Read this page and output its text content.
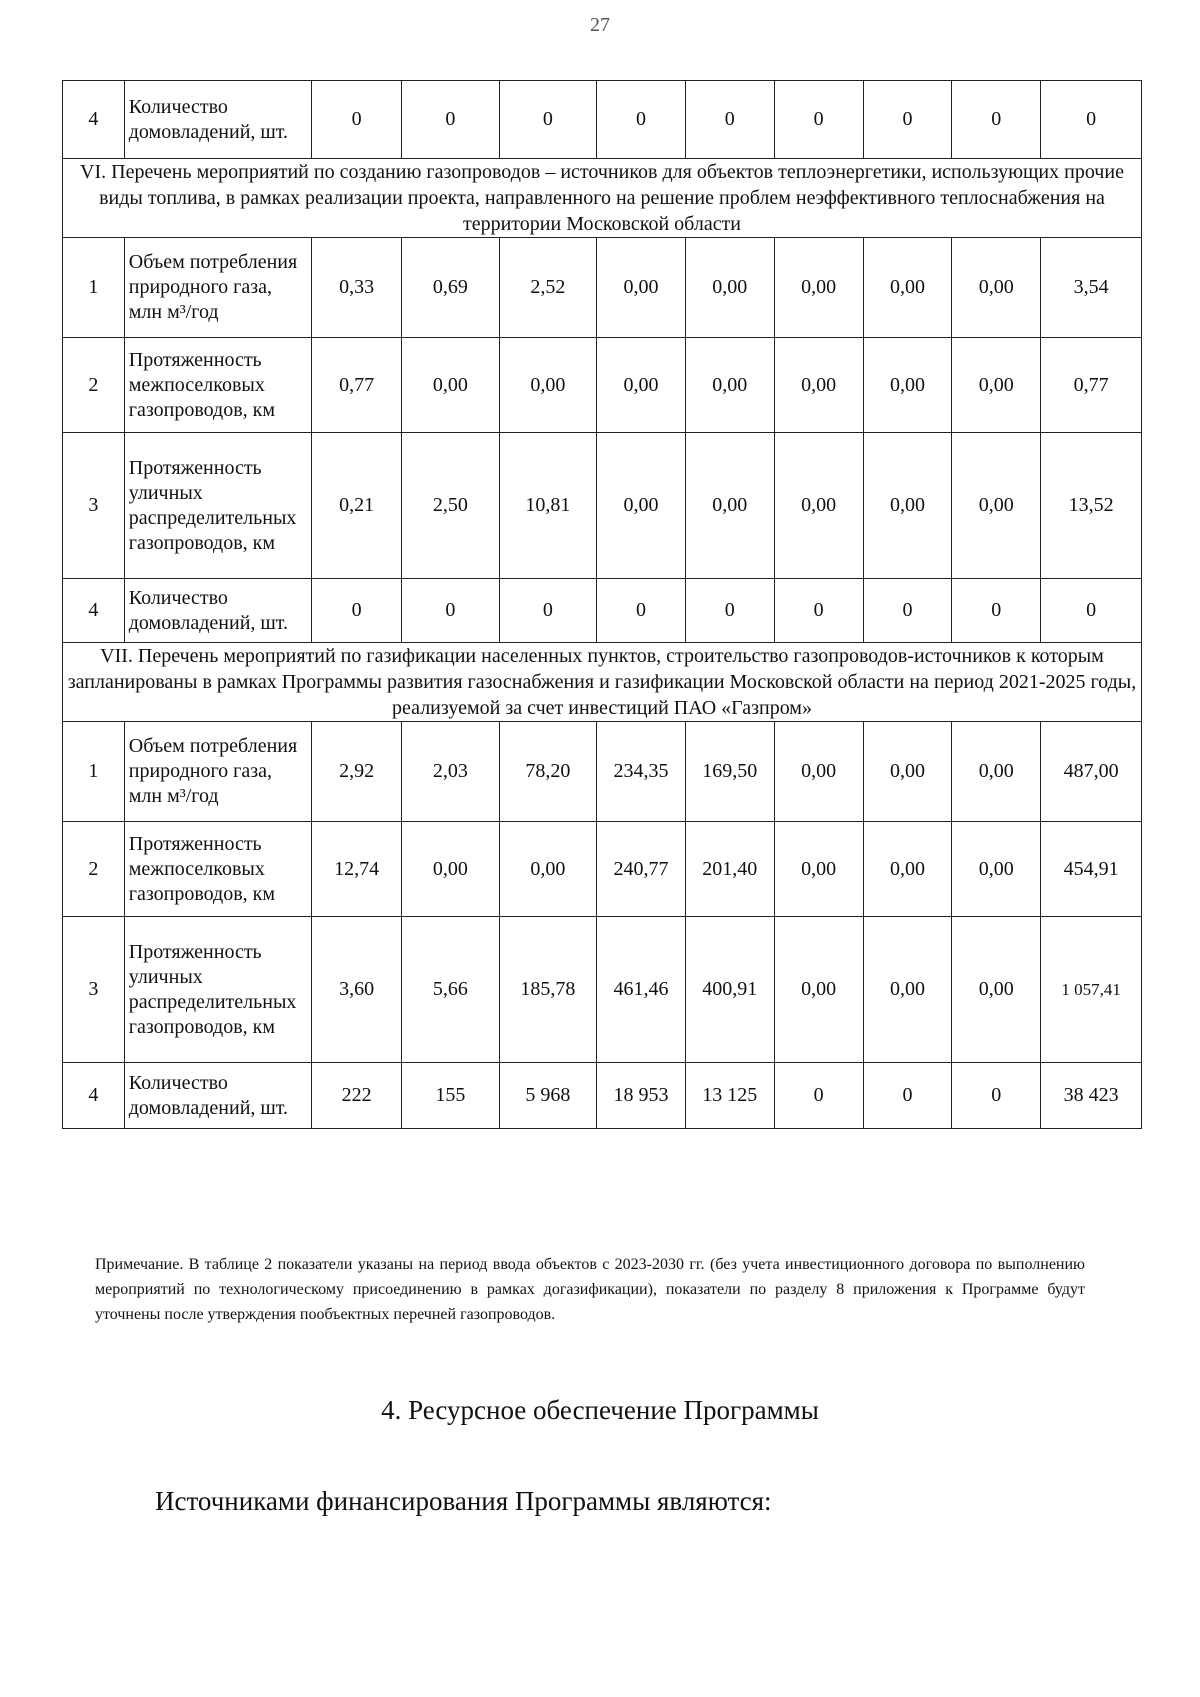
27
4	Количество домовладений, шт.	0	0	0	0	0	0	0	0	0
VI. Перечень мероприятий по созданию газопроводов – источников для объектов теплоэнергетики, использующих прочие виды топлива, в рамках реализации проекта, направленного на решение проблем неэффективного теплоснабжения на территории Московской области										
1	Объем потребления природного газа, млн м³/год	0,33	0,69	2,52	0,00	0,00	0,00	0,00	0,00	3,54
2	Протяженность межпоселковых газопроводов, км	0,77	0,00	0,00	0,00	0,00	0,00	0,00	0,00	0,77
3	Протяженность уличных распределительных газопроводов, км	0,21	2,50	10,81	0,00	0,00	0,00	0,00	0,00	13,52
4	Количество домовладений, шт.	0	0	0	0	0	0	0	0	0
VII. Перечень мероприятий по газификации населенных пунктов, строительство газопроводов-источников к которым запланированы в рамках Программы развития газоснабжения и газификации Московской области на период 2021-2025 годы, реализуемой за счет инвестиций ПАО «Газпром»										
1	Объем потребления природного газа, млн м³/год	2,92	2,03	78,20	234,35	169,50	0,00	0,00	0,00	487,00
2	Протяженность межпоселковых газопроводов, км	12,74	0,00	0,00	240,77	201,40	0,00	0,00	0,00	454,91
3	Протяженность уличных распределительных газопроводов, км	3,60	5,66	185,78	461,46	400,91	0,00	0,00	0,00	1 057,41
4	Количество домовладений, шт.	222	155	5 968	18 953	13 125	0	0	0	38 423
Примечание. В таблице 2 показатели указаны на период ввода объектов с 2023-2030 гг. (без учета инвестиционного договора по выполнению мероприятий по технологическому присоединению в рамках догазификации), показатели по разделу 8 приложения к Программе будут уточнены после утверждения пообъектных перечней газопроводов.
4. Ресурсное обеспечение Программы
Источниками финансирования Программы являются:
